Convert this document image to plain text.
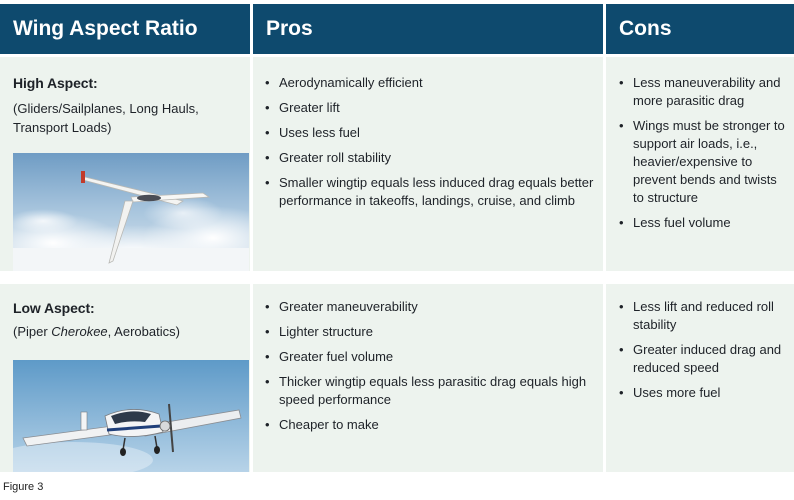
Wing Aspect Ratio	Pros	Cons
High Aspect:
(Gliders/Sailplanes, Long Hauls, Transport Loads)
• Aerodynamically efficient
• Greater lift
• Uses less fuel
• Greater roll stability
• Smaller wingtip equals less induced drag equals better performance in takeoffs, landings, cruise, and climb
• Less maneuverability and more parasitic drag
• Wings must be stronger to support air loads, i.e., heavier/expensive to prevent bends and twists to structure
• Less fuel volume
Low Aspect:
(Piper Cherokee, Aerobatics)
• Greater maneuverability
• Lighter structure
• Greater fuel volume
• Thicker wingtip equals less parasitic drag equals high speed performance
• Cheaper to make
• Less lift and reduced roll stability
• Greater induced drag and reduced speed
• Uses more fuel
Figure 3
